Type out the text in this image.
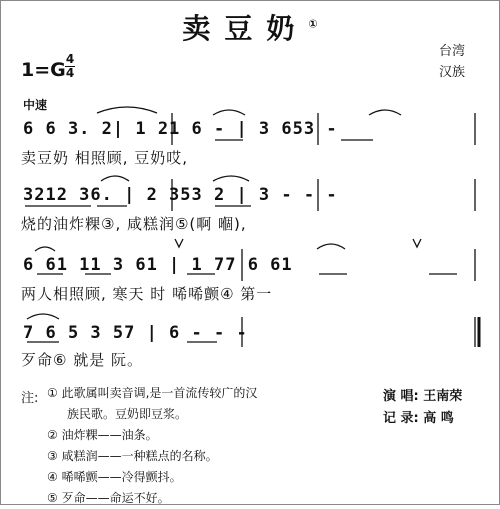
卖豆奶①
1=G 4
4
台湾
汉族
中速
6 6 3. 2| 1 21 6 - | 3 653 -
卖豆奶 相照顾, 豆奶哎,
3212 36. | 2 353 2 | 3 - - -
烧的油炸粿③, 咸糕润⑤(啊 嗰),
6 61 11 3 61 | 1 77 6 61
两人相照顾, 寒天 时 唏唏颤④ 第一
7 6 5 3 57 | 6 - - -
歹命⑥ 就是 阮。
注: ① 此歌属叫卖音调,是一首流传较广的汉
族民歌。豆奶即豆浆。
② 油炸粿——油条。
③ 咸糕润——一种糕点的名称。
④ 唏唏颤——冷得颤抖。
⑤ 歹命——命运不好。
演 唱: 王南荣
记 录: 高 鸣
